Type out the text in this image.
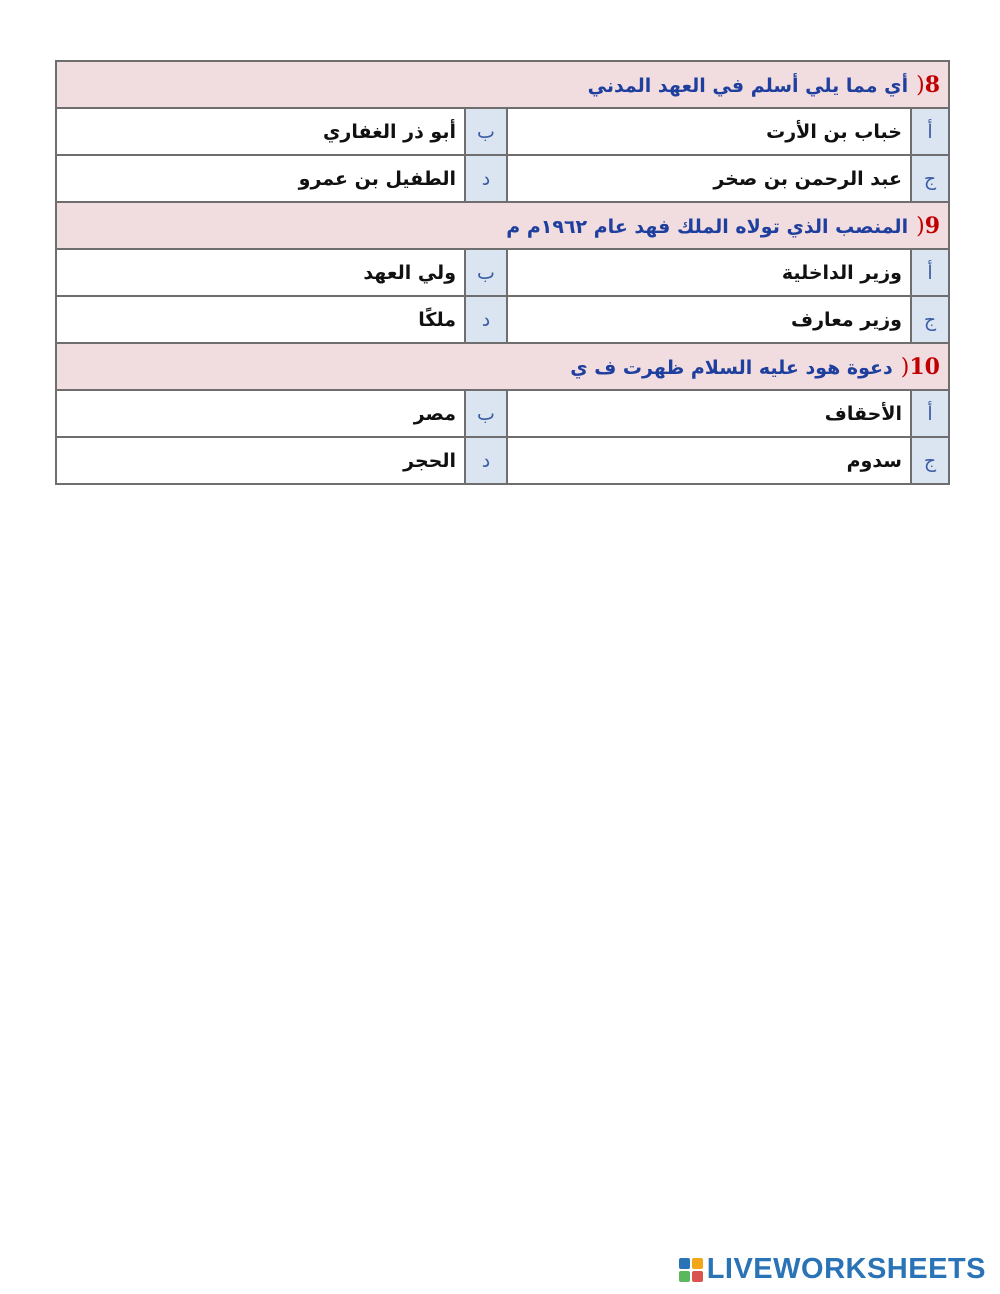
8(أي مما يلي أسلم في العهد المدني			
أ	خباب بن الأرت	ب	أبو ذر الغفاري
ج	عبد الرحمن بن صخر	د	الطفيل بن عمرو
9(المنصب الذي تولاه الملك فهد عام ١٩٦٢م م			
أ	وزير الداخلية	ب	ولي العهد
ج	وزير معارف	د	ملكًا
10(دعوة هود عليه السلام ظهرت ف ي			
أ	الأحقاف	ب	مصر
ج	سدوم	د	الحجر
LIVEWORKSHEETS
